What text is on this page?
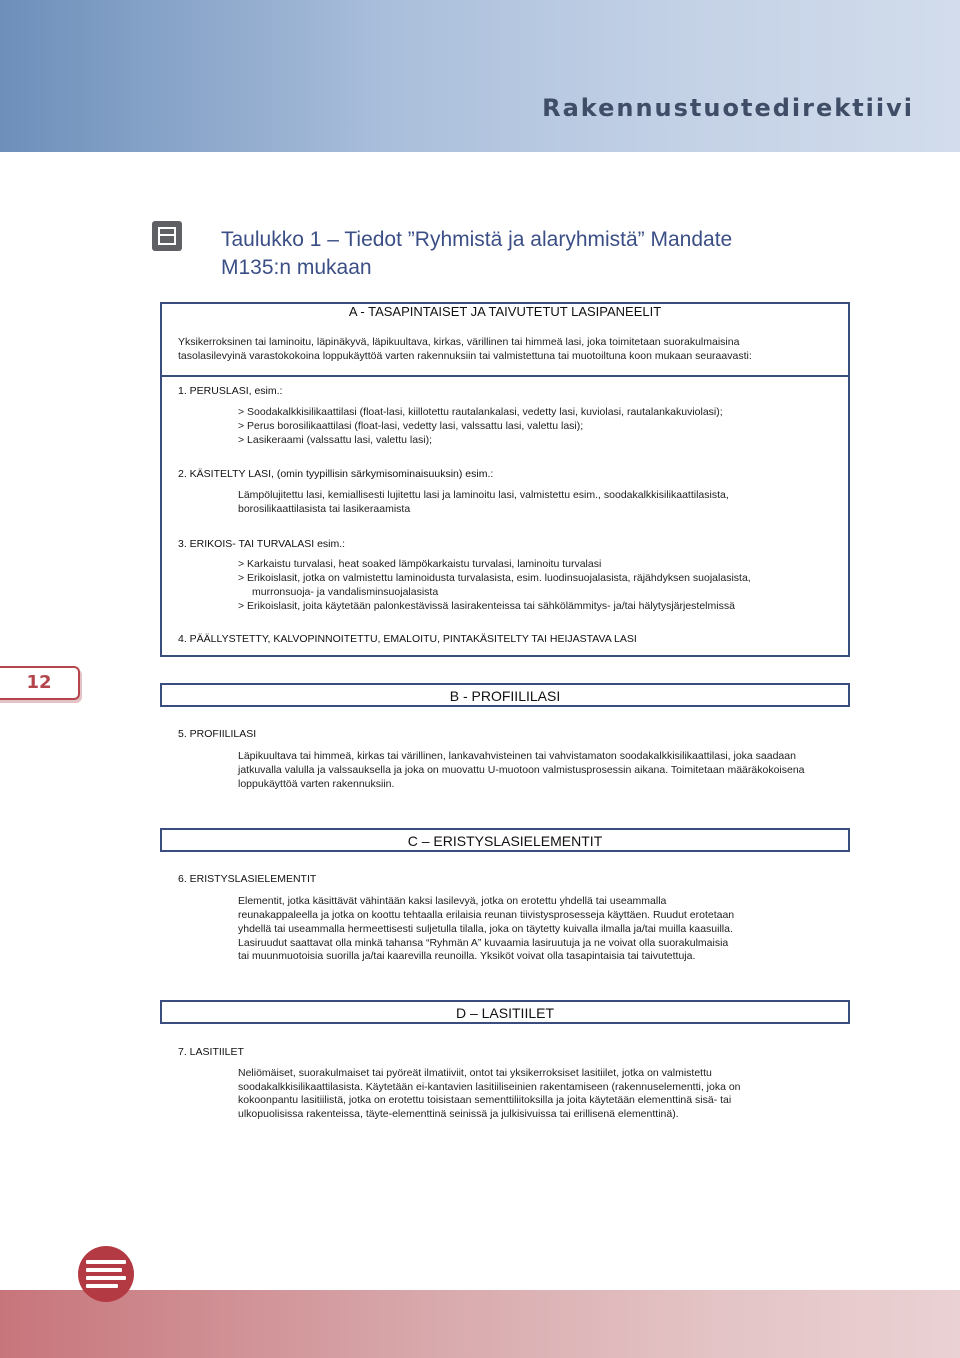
Rakennustuotedirektiivi
Taulukko 1 – Tiedot ”Ryhmistä ja alaryhmistä” Mandate
M135:n mukaan
A - TASAPINTAISET JA TAIVUTETUT LASIPANEELIT
Yksikerroksinen tai laminoitu, läpinäkyvä, läpikuultava, kirkas, värillinen tai himmeä lasi, joka toimitetaan suorakulmaisina
tasolasilevyinä varastokokoina loppukäyttöä varten rakennuksiin tai valmistettuna tai muotoiltuna koon mukaan seuraavasti:
1. PERUSLASI, esim.:
> Soodakalkkisilikaattilasi (float-lasi, kiillotettu rautalankalasi, vedetty lasi, kuviolasi, rautalankakuviolasi);
> Perus borosilikaattilasi (float-lasi, vedetty lasi, valssattu lasi, valettu lasi);
> Lasikeraami (valssattu lasi, valettu lasi);
2. KÄSITELTY LASI, (omin tyypillisin särkymisominaisuuksin) esim.:
Lämpölujitettu lasi, kemiallisesti lujitettu lasi ja laminoitu lasi, valmistettu esim., soodakalkkisilikaattilasista,
borosilikaattilasista tai lasikeraamista
3. ERIKOIS- TAI TURVALASI esim.:
> Karkaistu turvalasi, heat soaked lämpökarkaistu turvalasi, laminoitu turvalasi
> Erikoislasit, jotka on valmistettu laminoidusta turvalasista, esim. luodinsuojalasista, räjähdyksen suojalasista,
murronsuoja- ja vandalisminsuojalasista
> Erikoislasit, joita käytetään palonkestävissä lasirakenteissa tai sähkölämmitys- ja/tai hälytysjärjestelmissä
4. PÄÄLLYSTETTY, KALVOPINNOITETTU, EMALOITU, PINTAKÄSITELTY TAI HEIJASTAVA LASI
12
B - PROFIILILASI
5. PROFIILILASI
Läpikuultava tai himmeä, kirkas tai värillinen, lankavahvisteinen tai vahvistamaton soodakalkkisilikaattilasi, joka saadaan
jatkuvalla valulla ja valssauksella ja joka on muovattu U-muotoon valmistusprosessin aikana. Toimitetaan määräkokoisena
loppukäyttöä varten rakennuksiin.
C – ERISTYSLASIELEMENTIT
6. ERISTYSLASIELEMENTIT
Elementit, jotka käsittävät vähintään kaksi lasilevyä, jotka on erotettu yhdellä tai useammalla
reunakappaleella ja jotka on koottu tehtaalla erilaisia reunan tiivistysprosesseja käyttäen. Ruudut erotetaan
yhdellä tai useammalla hermeettisesti suljetulla tilalla, joka on täytetty kuivalla ilmalla ja/tai muilla kaasuilla.
Lasiruudut saattavat olla minkä tahansa “Ryhmän A” kuvaamia lasiruutuja ja ne voivat olla suorakulmaisia
tai muunmuotoisia suorilla ja/tai kaarevilla reunoilla. Yksiköt voivat olla tasapintaisia tai taivutettuja.
D – LASITIILET
7. LASITIILET
Neliömäiset, suorakulmaiset tai pyöreät ilmatiiviit, ontot tai yksikerroksiset lasitiilet, jotka on valmistettu
soodakalkkisilikaattilasista. Käytetään ei-kantavien lasitiiliseinien rakentamiseen (rakennuselementti, joka on
kokoonpantu lasitiilistä, jotka on erotettu toisistaan sementtiliitoksilla ja joita käytetään elementtinä sisä- tai
ulkopuolisissa rakenteissa, täyte-elementtinä seinissä ja julkisivuissa tai erillisenä elementtinä).
